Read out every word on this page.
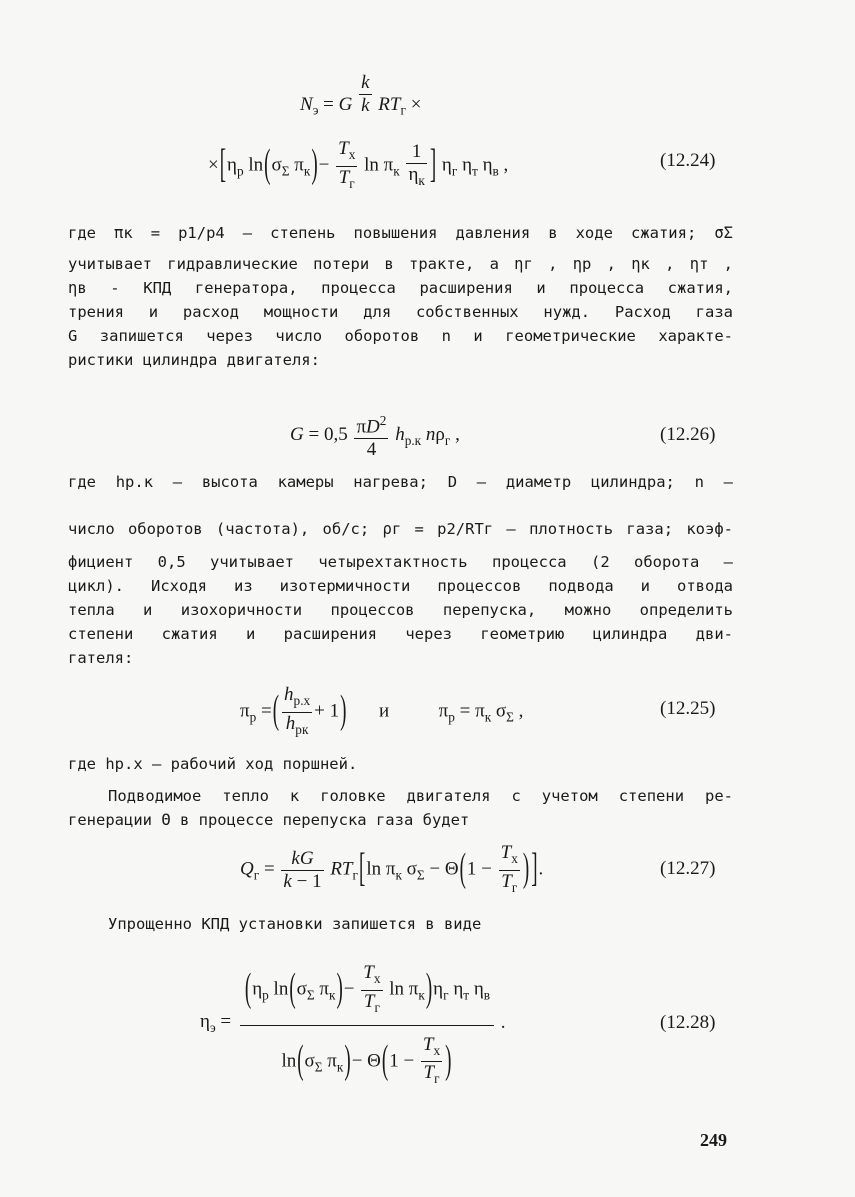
$N_э = G \frac{k}{k} RT_г$ ×
$\times[\eta_р$ $\ln(\sigma_\Sigma$ $\pi_к)- \frac{T_х}{T_г}$ $\ln \pi_к \frac{1}{\eta_к}$ ] $\eta_г$ $\eta_т$ $\eta_в$ ,	(12.24)
где πк = p1/p4 — степень повышения давления в ходе сжатия; σΣ
учитывает гидравлические потери в тракте, а ηг , ηр , ηк , ηт ,
ηв - КПД генератора, процесса расширения и процесса сжатия,
трения и расход мощности для собственных нужд. Расход газа
G запишется через число оборотов n и геометрические характе-
ристики цилиндра двигателя:
$G = 0,5 \frac{\pi D^2}{4} h_{р.к}$ $n\rho_г$ ,	(12.26)
где hр.к — высота камеры нагрева; D — диаметр цилиндра; n —
число оборотов (частота), об/с; ρг = p2/RTг — плотность газа; коэф-
фициент 0,5 учитывает четырехтактность процесса (2 оборота —
цикл). Исходя из изотермичности процессов подвода и отвода
тепла и изохоричности процессов перепуска, можно определить
степени сжатия и расширения через геометрию цилиндра дви-
гателя:
$\pi_р$ =( $\frac{h_{р.х}}{h_{рк}} + 1$) и  $\pi_р = \pi_к$ $\sigma_\Sigma$ ,	(12.25)
где hр.х — рабочий ход поршней.
Подводимое тепло к головке двигателя с учетом степени ре-
генерации Θ в процессе перепуска газа будет
$Q_г = \frac{kG}{k - 1} RT_г[\ln$ $\pi_к$ $\sigma_\Sigma - \Theta(1 - \frac{T_х}{T_г}$ ) ].	(12.27)
Упрощенно КПД установки запишется в виде
$\eta_э = \frac{(\eta_р \ln(\sigma_\Sigma \pi_к)- \frac{T_х}{T_г} \ln \pi_к)\eta_г \eta_т \eta_в}{\ln(\sigma_\Sigma \pi_к)- \Theta(1 - \frac{T_х}{T_г} )}$ .	(12.28)
249
